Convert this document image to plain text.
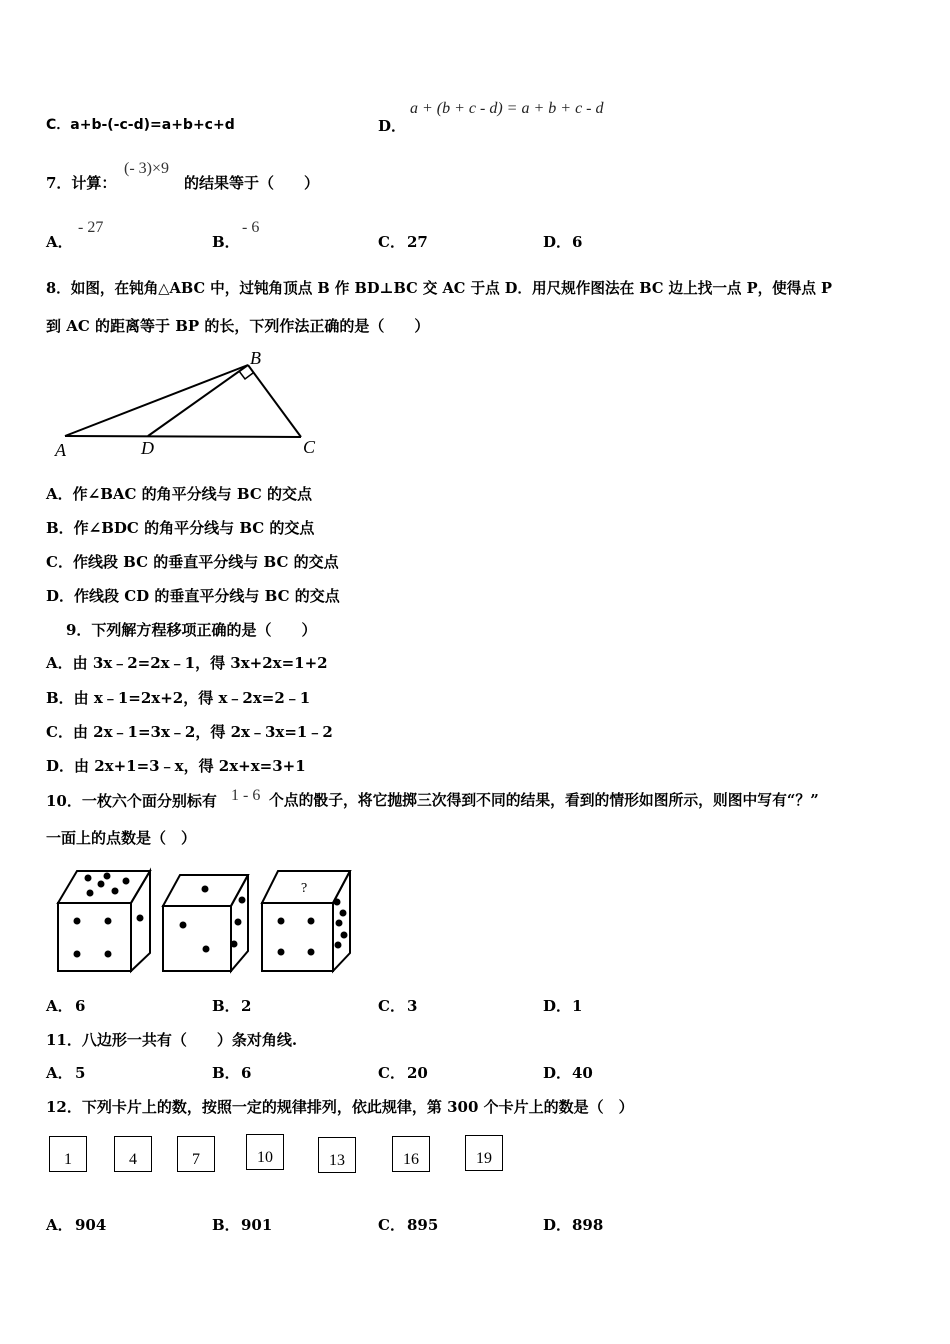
C．a+b-(-c-d)=a+b+c+d	D．
a + (b + c - d) = a + b + c - d
7．计算：
(- 3)×9
的结果等于（　　）
A．
- 27
B．
- 6
C． 27	D． 6
8．如图，在钝角△ABC 中，过钝角顶点 B 作 BD⊥BC 交 AC 于点 D．用尺规作图法在 BC 边上找一点 P，使得点 P
到 AC 的距离等于 BP 的长，下列作法正确的是（　　）
A	D
B
C
A．作∠BAC 的角平分线与 BC 的交点
B．作∠BDC 的角平分线与 BC 的交点
C．作线段 BC 的垂直平分线与 BC 的交点
D．作线段 CD 的垂直平分线与 BC 的交点
9．下列解方程移项正确的是（　　）
A．由 3x﹣2=2x﹣1，得 3x+2x=1+2
B．由 x﹣1=2x+2，得 x﹣2x=2﹣1
C．由 2x﹣1=3x﹣2，得 2x﹣3x=1﹣2
D．由 2x+1=3﹣x，得 2x+x=3+1
10．一枚六个面分别标有 1 - 6 个点的骰子，将它抛掷三次得到不同的结果，看到的情形如图所示，则图中写有“？”
一面上的点数是（　）
?
A． 6	B． 2	C． 3	D． 1
11．八边形一共有（　　）条对角线.
A． 5	B． 6	C． 20	D． 40
12．下列卡片上的数，按照一定的规律排列，依此规律，第 300 个卡片上的数是（　）
1	4	7	10	13	16	19
A． 904	B． 901	C． 895	D． 898
